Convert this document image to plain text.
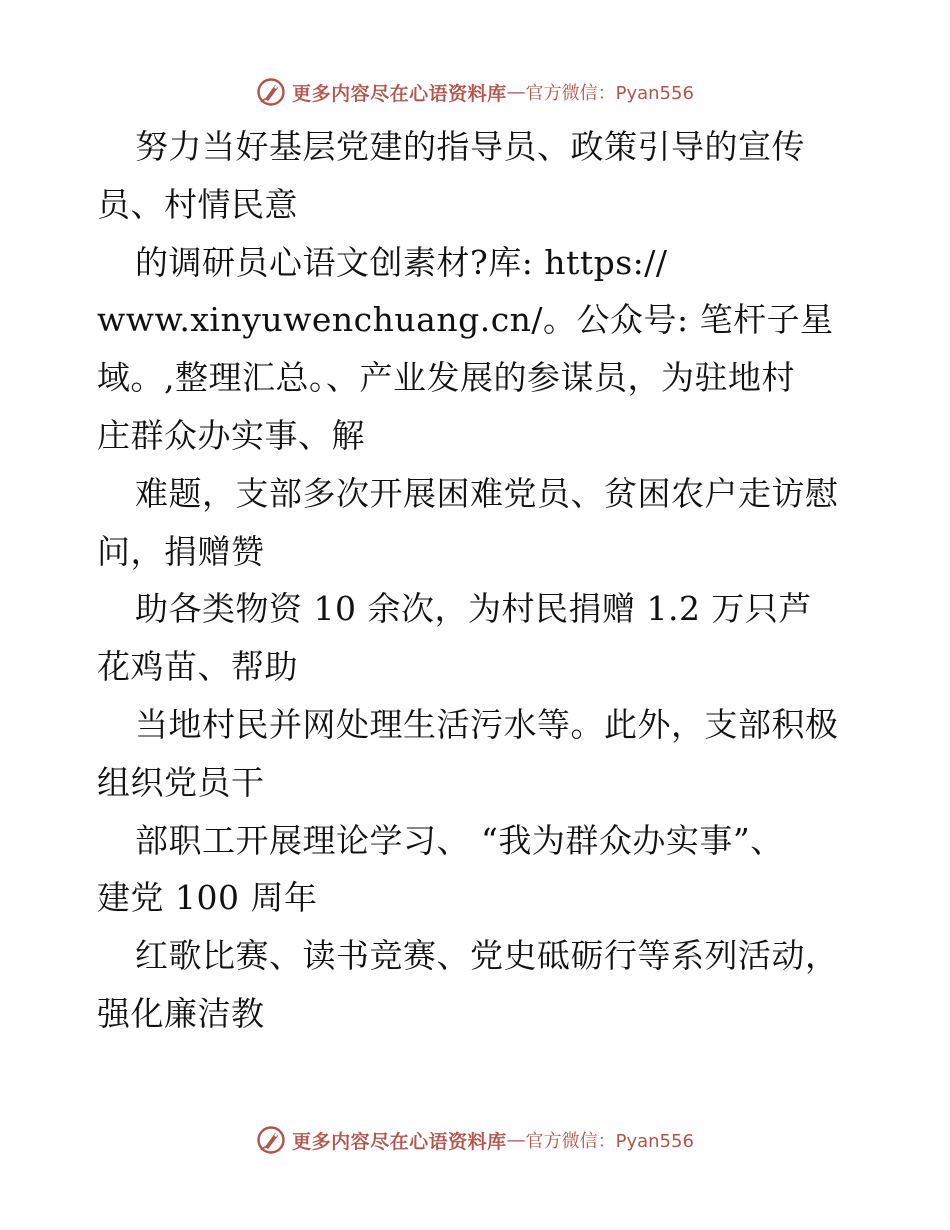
更多内容尽在心语资料库 — 官方微信：Pyan556
努力当好基层党建的指导员、政策引导的宣传
员、村情民意
的调研员心语文创素材?库: https://
www.xinyuwenchuang.cn/。公众号: 笔杆子星
域。,整理汇总。、产业发展的参谋员，为驻地村
庄群众办实事、解
难题，支部多次开展困难党员、贫困农户走访慰
问，捐赠赞
助各类物资 10 余次，为村民捐赠 1.2 万只芦
花鸡苗、帮助
当地村民并网处理生活污水等。此外，支部积极
组织党员干
部职工开展理论学习、 “我为群众办实事”、
建党 100 周年
红歌比赛、读书竞赛、党史砥砺行等系列活动，
强化廉洁教
更多内容尽在心语资料库 — 官方微信：Pyan556
